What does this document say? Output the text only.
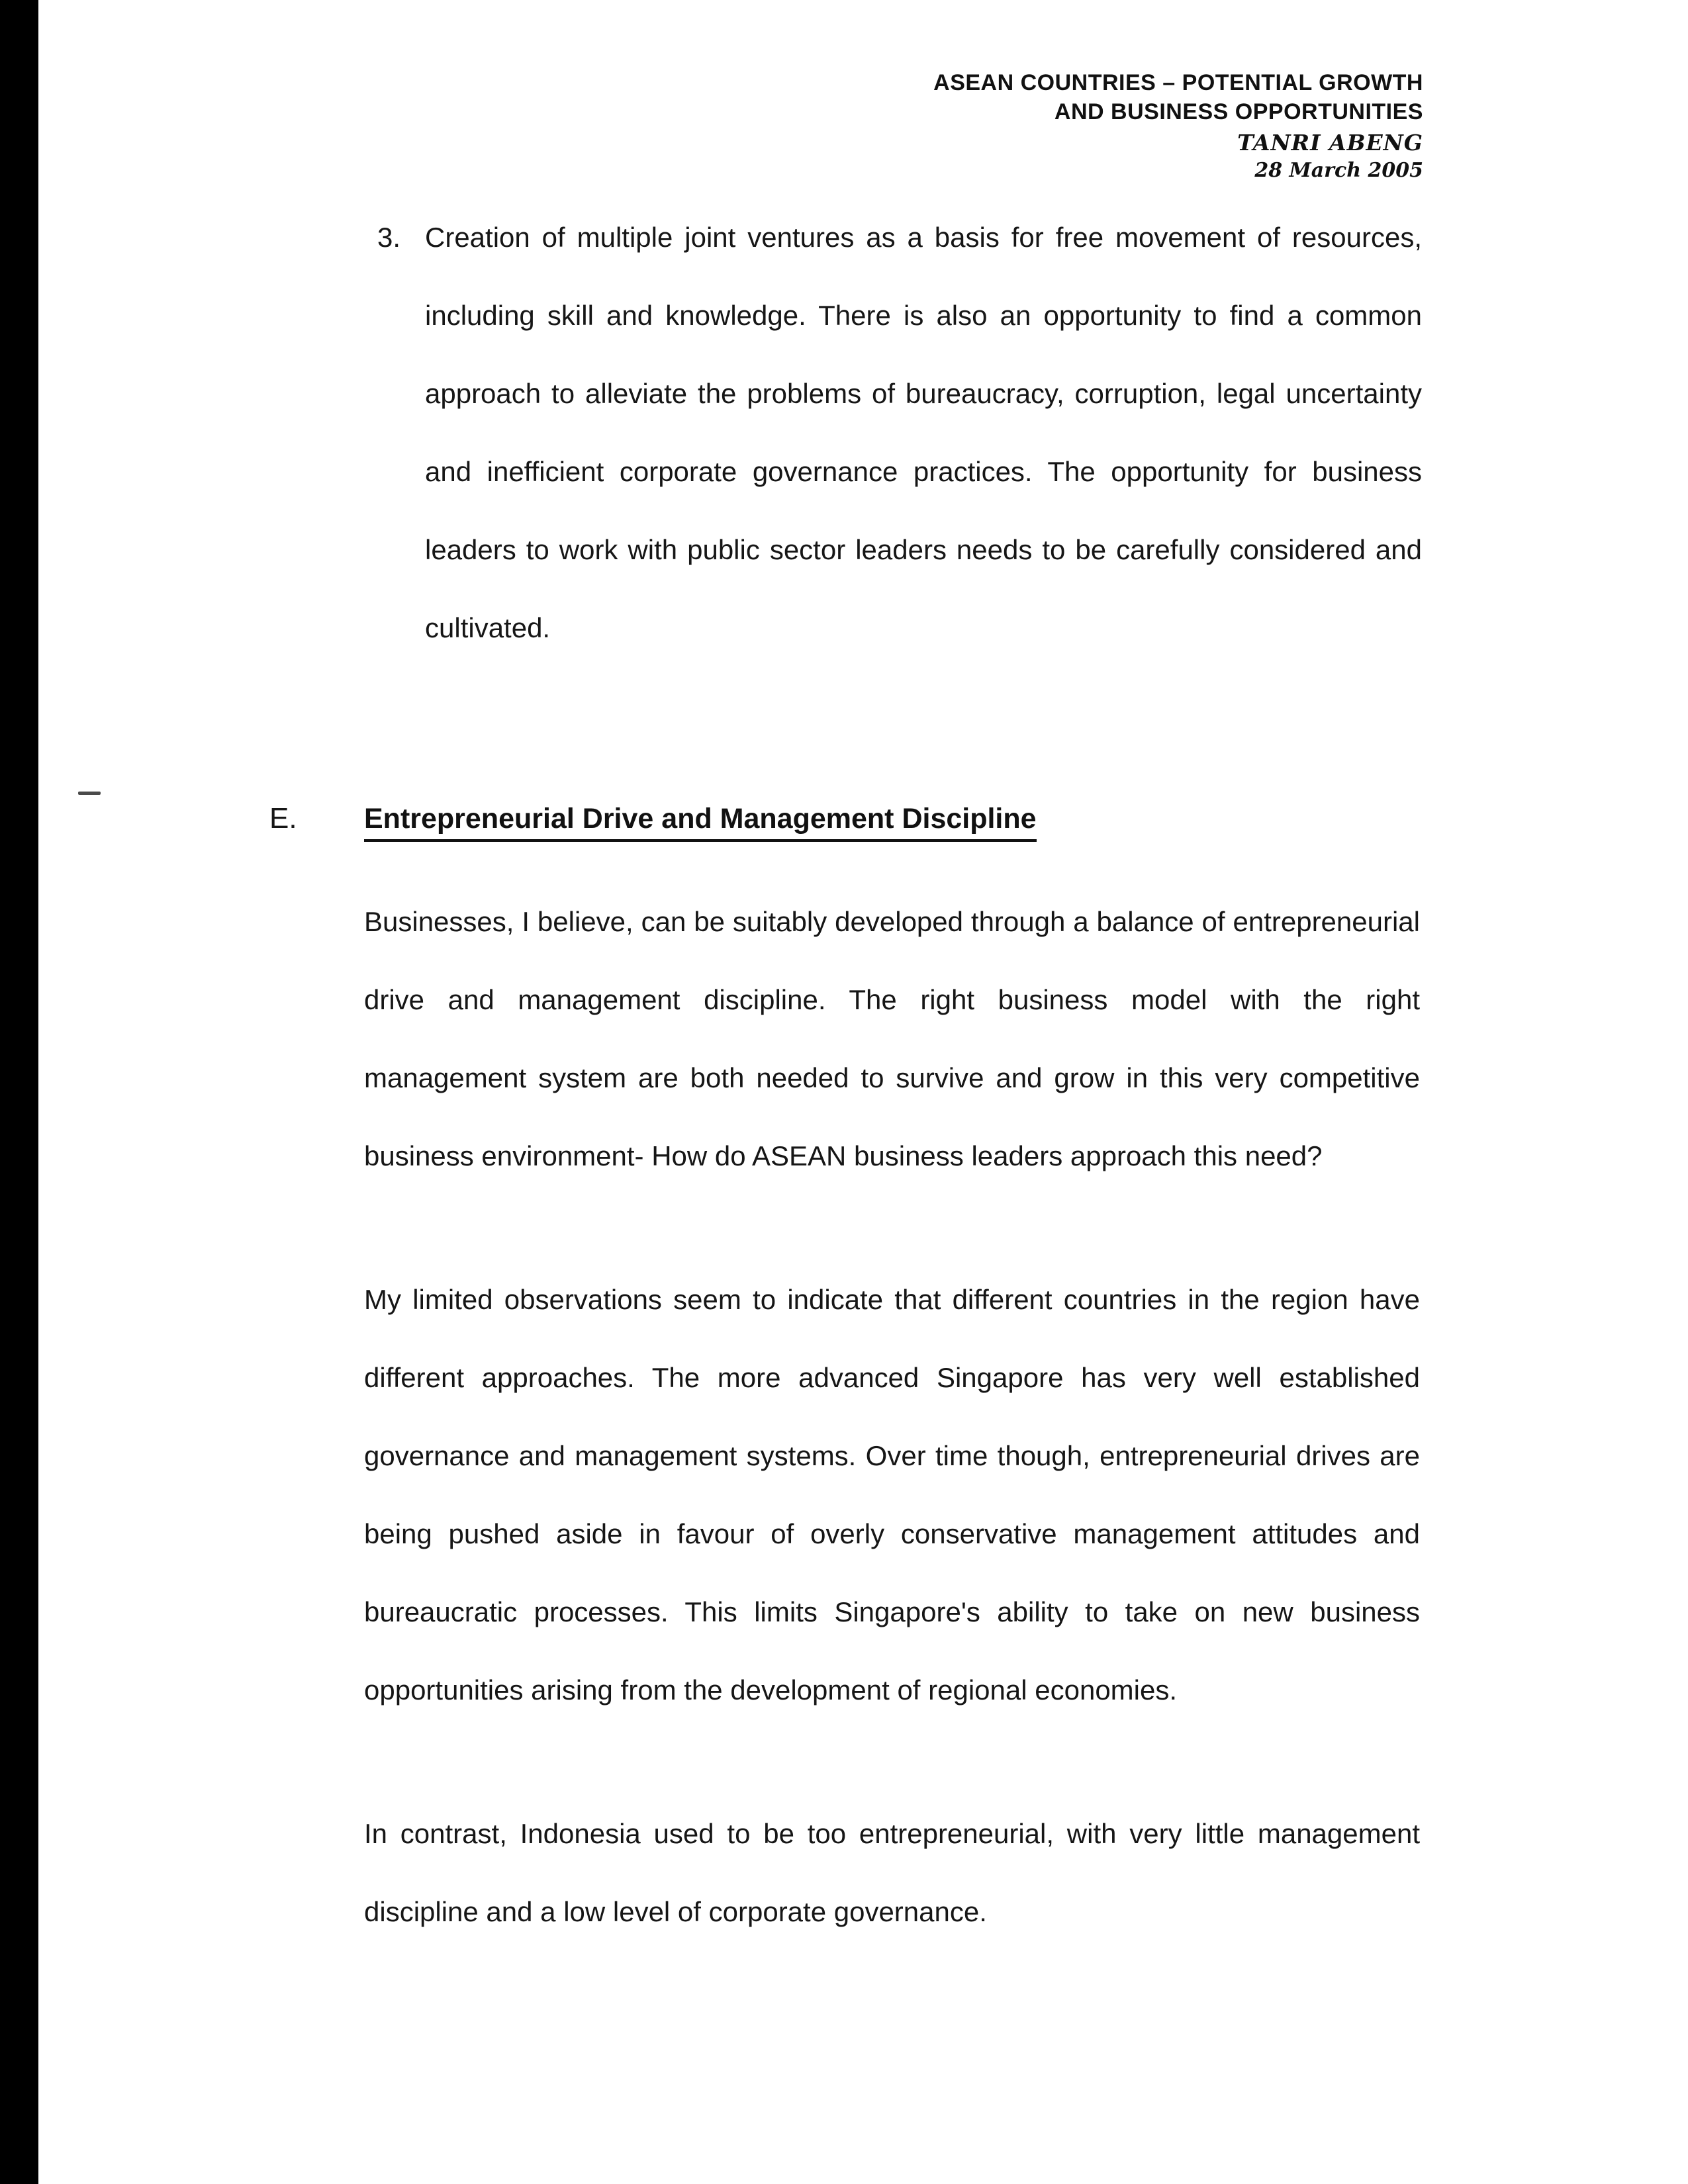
ASEAN COUNTRIES – POTENTIAL GROWTH
AND BUSINESS OPPORTUNITIES
TANRI ABENG
28 March 2005
3. Creation of multiple joint ventures as a basis for free movement of resources, including skill and knowledge. There is also an opportunity to find a common approach to alleviate the problems of bureaucracy, corruption, legal uncertainty and inefficient corporate governance practices. The opportunity for business leaders to work with public sector leaders needs to be carefully considered and cultivated.
E.	Entrepreneurial Drive and Management Discipline

Businesses, I believe, can be suitably developed through a balance of entrepreneurial drive and management discipline. The right business model with the right management system are both needed to survive and grow in this very competitive business environment- How do ASEAN business leaders approach this need?

My limited observations seem to indicate that different countries in the region have different approaches. The more advanced Singapore has very well established governance and management systems. Over time though, entrepreneurial drives are being pushed aside in favour of overly conservative management attitudes and bureaucratic processes. This limits Singapore's ability to take on new business opportunities arising from the development of regional economies.

In contrast, Indonesia used to be too entrepreneurial, with very little management discipline and a low level of corporate governance.
